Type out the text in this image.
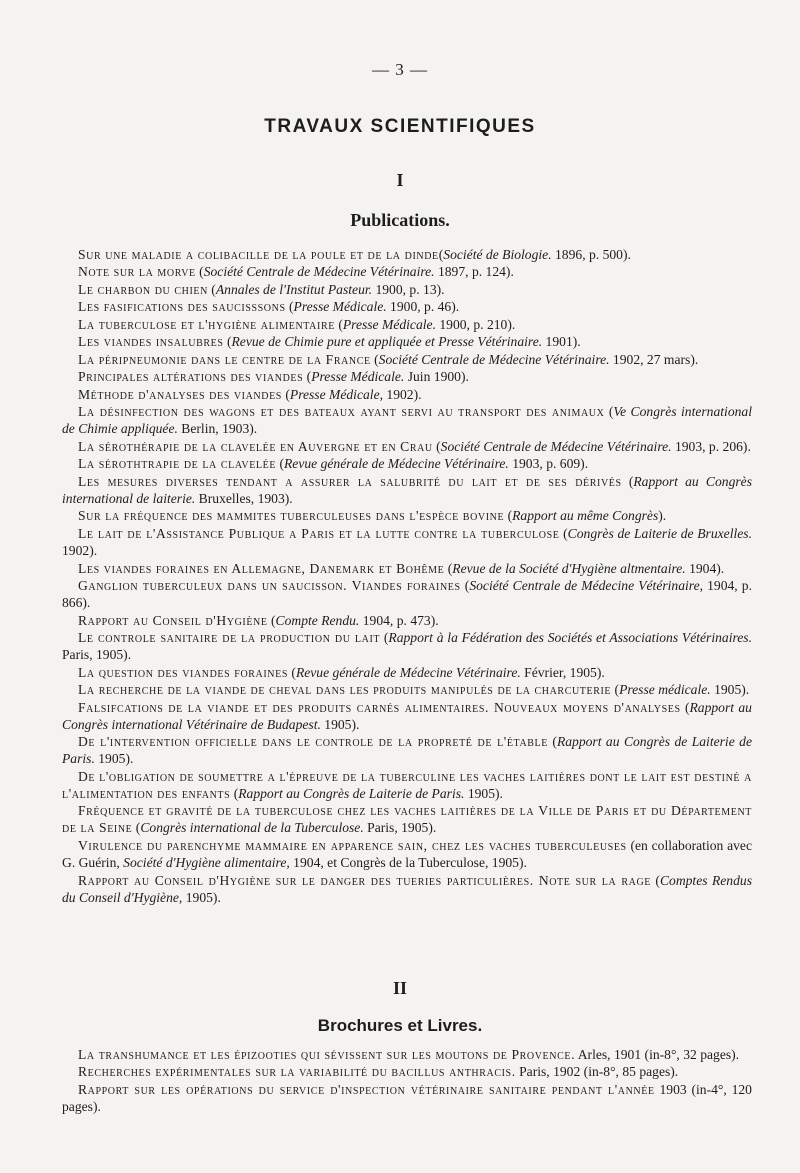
— 3 —
TRAVAUX SCIENTIFIQUES
I
Publications.
Sur une maladie a colibacille de la poule et de la dinde(Société de Biologie. 1896, p. 500).
Note sur la morve (Société Centrale de Médecine Vétérinaire. 1897, p. 124).
Le charbon du chien (Annales de l'Institut Pasteur. 1900, p. 13).
Les fasifications des saucisssons (Presse Médicale. 1900, p. 46).
La tuberculose et l'hygiène alimentaire (Presse Médicale. 1900, p. 210).
Les viandes insalubres (Revue de Chimie pure et appliquée et Presse Vétérinaire. 1901).
La péripneumonie dans le centre de la France (Société Centrale de Médecine Vétérinaire. 1902, 27 mars).
Principales altérations des viandes (Presse Médicale. Juin 1900).
Méthode d'analyses des viandes (Presse Médicale, 1902).
La désinfection des wagons et des bateaux ayant servi au transport des animaux (Ve Congrès international de Chimie appliquée. Berlin, 1903).
La sérothérapie de la clavelée en Auvergne et en Crau (Société Centrale de Médecine Vétérinaire. 1903, p. 206).
La sérothtrapie de la clavelée (Revue générale de Médecine Vétérinaire. 1903, p. 609).
Les mesures diverses tendant a assurer la salubrité du lait et de ses dérivés (Rapport au Congrès international de laiterie. Bruxelles, 1903).
Sur la fréquence des mammites tuberculeuses dans l'espèce bovine (Rapport au même Congrès).
Le lait de l'Assistance Publique a Paris et la lutte contre la tuberculose (Congrès de Laiterie de Bruxelles. 1902).
Les viandes foraines en Allemagne, Danemark et Bohême (Revue de la Société d'Hygiène altmentaire. 1904).
Ganglion tuberculeux dans un saucisson. Viandes foraines (Société Centrale de Médecine Vétérinaire, 1904, p. 866).
Rapport au Conseil d'Hygiène (Compte Rendu. 1904, p. 473).
Le controle sanitaire de la production du lait (Rapport à la Fédération des Sociétés et Associations Vétérinaires. Paris, 1905).
La question des viandes foraines (Revue générale de Médecine Vétérinaire. Février, 1905).
La recherche de la viande de cheval dans les produits manipulés de la charcuterie (Presse médicale. 1905).
Falsifcations de la viande et des produits carnés alimentaires. Nouveaux moyens d'analyses (Rapport au Congrès international Vétérinaire de Budapest. 1905).
De l'intervention officielle dans le controle de la propreté de l'étable (Rapport au Congrès de Laiterie de Paris. 1905).
De l'obligation de soumettre a l'épreuve de la tuberculine les vaches laitières dont le lait est destiné a l'alimentation des enfants (Rapport au Congrès de Laiterie de Paris. 1905).
Fréquence et gravité de la tuberculose chez les vaches laitières de la Ville de Paris et du Département de la Seine (Congrès international de la Tuberculose. Paris, 1905).
Virulence du parenchyme mammaire en apparence sain, chez les vaches tuberculeuses (en collaboration avec G. Guérin, Société d'Hygiène alimentaire, 1904, et Congrès de la Tuberculose, 1905).
Rapport au Conseil d'Hygiène sur le danger des tueries particulières. Note sur la rage (Comptes Rendus du Conseil d'Hygiène, 1905).
II
Brochures et Livres.
La transhumance et les épizooties qui sévissent sur les moutons de Provence. Arles, 1901 (in-8°, 32 pages).
Recherches expérimentales sur la variabilité du bacillus anthracis. Paris, 1902 (in-8°, 85 pages).
Rapport sur les opérations du service d'inspection vétérinaire sanitaire pendant l'année 1903 (in-4°, 120 pages).
